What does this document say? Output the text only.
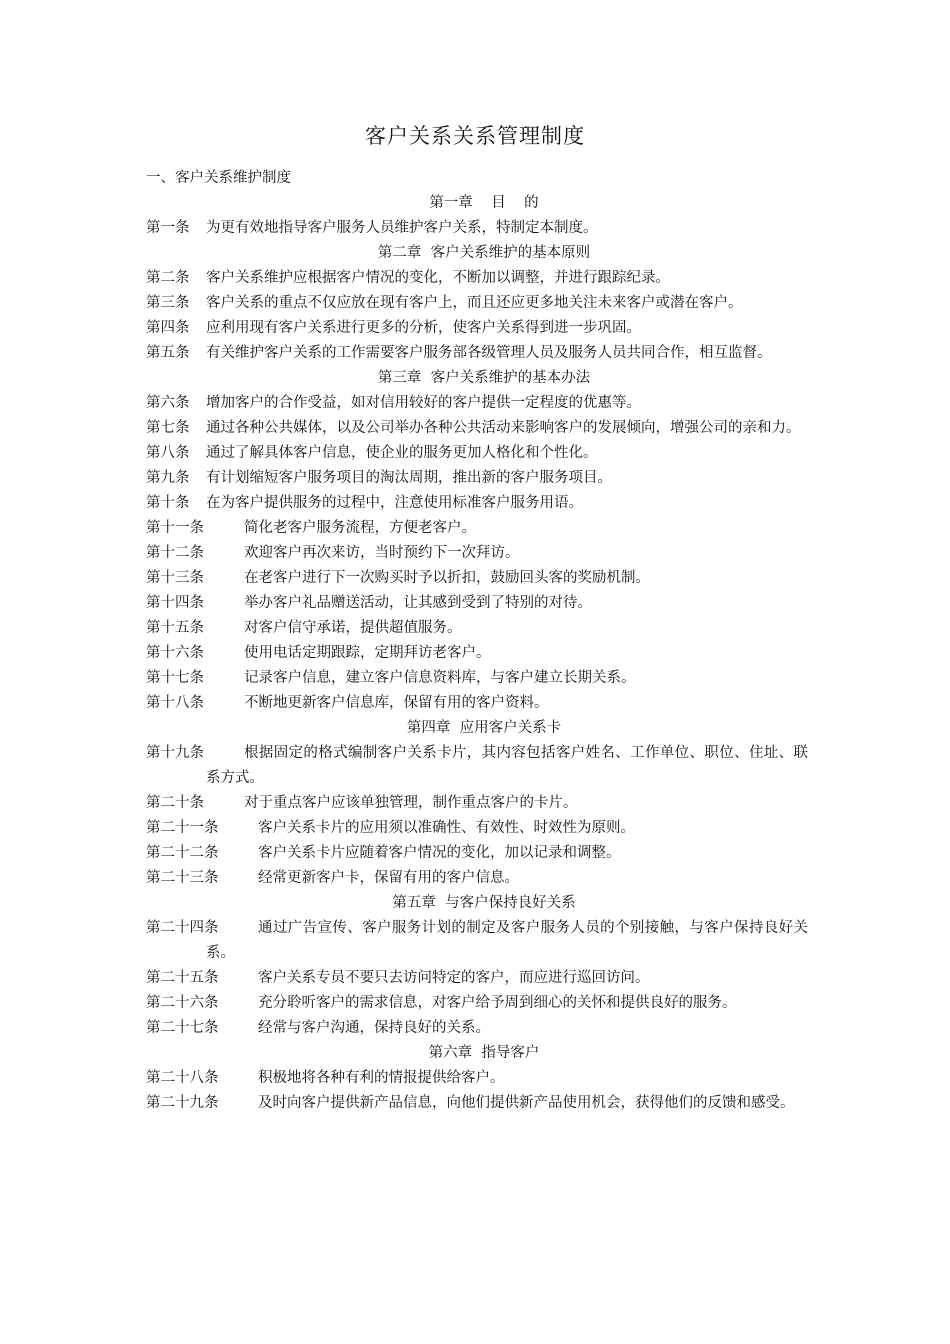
客户关系关系管理制度
一、客户关系维护制度
第一章    目    的
第一条 为更有效地指导客户服务人员维护客户关系，特制定本制度。
第二章  客户关系维护的基本原则
第二条 客户关系维护应根据客户情况的变化，不断加以调整，并进行跟踪纪录。
第三条 客户关系的重点不仅应放在现有客户上，而且还应更多地关注未来客户或潜在客户。
第四条 应利用现有客户关系进行更多的分析，使客户关系得到进一步巩固。
第五条 有关维护客户关系的工作需要客户服务部各级管理人员及服务人员共同合作，相互监督。
第三章  客户关系维护的基本办法
第六条 增加客户的合作受益，如对信用较好的客户提供一定程度的优惠等。
第七条 通过各种公共媒体，以及公司举办各种公共活动来影响客户的发展倾向，增强公司的亲和力。
第八条 通过了解具体客户信息，使企业的服务更加人格化和个性化。
第九条 有计划缩短客户服务项目的淘汰周期，推出新的客户服务项目。
第十条 在为客户提供服务的过程中，注意使用标准客户服务用语。
第十一条	简化老客户服务流程，方便老客户。
第十二条	欢迎客户再次来访，当时预约下一次拜访。
第十三条	在老客户进行下一次购买时予以折扣，鼓励回头客的奖励机制。
第十四条	举办客户礼品赠送活动，让其感到受到了特别的对待。
第十五条	对客户信守承诺，提供超值服务。
第十六条	使用电话定期跟踪，定期拜访老客户。
第十七条	记录客户信息，建立客户信息资料库，与客户建立长期关系。
第十八条	不断地更新客户信息库，保留有用的客户资料。
第四章  应用客户关系卡
第十九条	根据固定的格式编制客户关系卡片，其内容包括客户姓名、工作单位、职位、住址、联系方式。
第二十条	对于重点客户应该单独管理，制作重点客户的卡片。
第二十一条	客户关系卡片的应用须以准确性、有效性、时效性为原则。
第二十二条	客户关系卡片应随着客户情况的变化，加以记录和调整。
第二十三条	经常更新客户卡，保留有用的客户信息。
第五章  与客户保持良好关系
第二十四条	通过广告宣传、客户服务计划的制定及客户服务人员的个别接触，与客户保持良好关系。
第二十五条	客户关系专员不要只去访问特定的客户，而应进行巡回访问。
第二十六条	充分聆听客户的需求信息，对客户给予周到细心的关怀和提供良好的服务。
第二十七条	经常与客户沟通，保持良好的关系。
第六章  指导客户
第二十八条	积极地将各种有利的情报提供给客户。
第二十九条	及时向客户提供新产品信息，向他们提供新产品使用机会，获得他们的反馈和感受。
